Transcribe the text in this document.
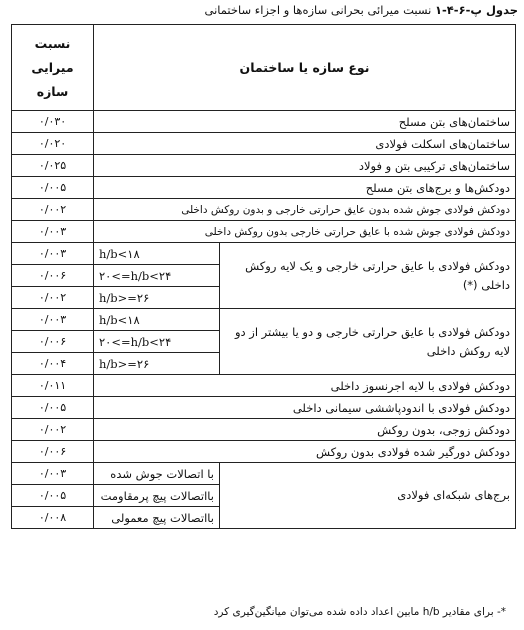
جدول پ-۶-۴-۱ نسبت میرائی بحرانی سازه‌ها و اجزاء ساختمانی
نوع سازه یا ساختمان		نسبت
میرایی
سازه

ساختمان‌های بتن مسلح		۰/۰۳۰
ساختمان‌های اسکلت فولادی		۰/۰۲۰
ساختمان‌های ترکیبی بتن و فولاد		۰/۰۲۵
دودکش‌ها و برج‌های بتن مسلح		۰/۰۰۵
دودکش فولادی جوش شده بدون عایق حرارتی خارجی و بدون روکش داخلی		۰/۰۰۲
دودکش فولادی جوش شده با عایق حرارتی خارجی بدون روکش داخلی		۰/۰۰۳
دودکش فولادی با عایق حرارتی خارجی و یک لایه روکش داخلی (*)	h/b<۱۸	۰/۰۰۳
	۲۰<=h/b<۲۴	۰/۰۰۶
	h/b>=۲۶	۰/۰۰۲
دودکش فولادی با عایق حرارتی خارجی و دو یا بیشتر از دو لایه روکش داخلی	h/b<۱۸	۰/۰۰۳
	۲۰<=h/b<۲۴	۰/۰۰۶
	h/b>=۲۶	۰/۰۰۴
دودکش فولادی با لایه اجرنسوز داخلی		۰/۰۱۱
دودکش فولادی با اندودپاششی سیمانی داخلی		۰/۰۰۵
دودکش زوجی، بدون روکش		۰/۰۰۲
دودکش دورگیر شده فولادی بدون روکش		۰/۰۰۶
برج‌های شبکه‌ای فولادی	با اتصالات جوش شده	۰/۰۰۳
	بااتصالات پیچ پرمقاومت	۰/۰۰۵
	بااتصالات پیچ معمولی	۰/۰۰۸
*- برای مقادیر h/b مابین اعداد داده شده می‌توان میانگین‌گیری کرد
